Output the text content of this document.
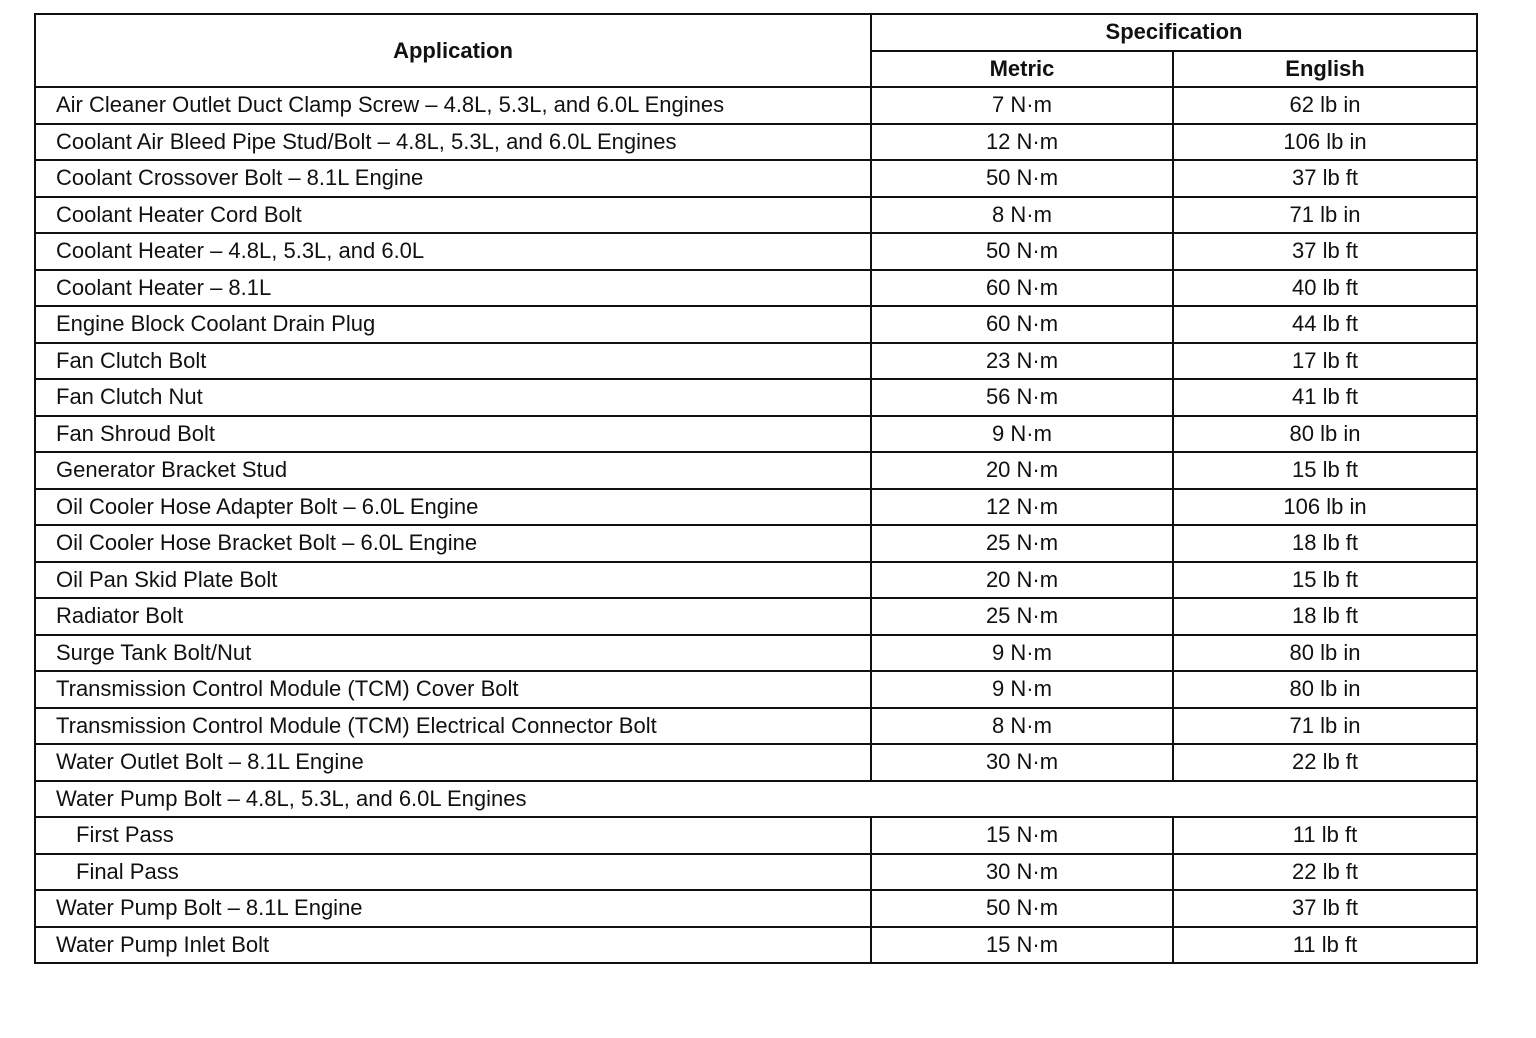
Application	Specification	
	Metric	English
Air Cleaner Outlet Duct Clamp Screw – 4.8L, 5.3L, and 6.0L Engines	7 N·m	62 lb in
Coolant Air Bleed Pipe Stud/Bolt – 4.8L, 5.3L, and 6.0L Engines	12 N·m	106 lb in
Coolant Crossover Bolt – 8.1L Engine	50 N·m	37 lb ft
Coolant Heater Cord Bolt	8 N·m	71 lb in
Coolant Heater – 4.8L, 5.3L, and 6.0L	50 N·m	37 lb ft
Coolant Heater – 8.1L	60 N·m	40 lb ft
Engine Block Coolant Drain Plug	60 N·m	44 lb ft
Fan Clutch Bolt	23 N·m	17 lb ft
Fan Clutch Nut	56 N·m	41 lb ft
Fan Shroud Bolt	9 N·m	80 lb in
Generator Bracket Stud	20 N·m	15 lb ft
Oil Cooler Hose Adapter Bolt – 6.0L Engine	12 N·m	106 lb in
Oil Cooler Hose Bracket Bolt – 6.0L Engine	25 N·m	18 lb ft
Oil Pan Skid Plate Bolt	20 N·m	15 lb ft
Radiator Bolt	25 N·m	18 lb ft
Surge Tank Bolt/Nut	9 N·m	80 lb in
Transmission Control Module (TCM) Cover Bolt	9 N·m	80 lb in
Transmission Control Module (TCM) Electrical Connector Bolt	8 N·m	71 lb in
Water Outlet Bolt – 8.1L Engine	30 N·m	22 lb ft
Water Pump Bolt – 4.8L, 5.3L, and 6.0L Engines		
First Pass	15 N·m	11 lb ft
Final Pass	30 N·m	22 lb ft
Water Pump Bolt – 8.1L Engine	50 N·m	37 lb ft
Water Pump Inlet Bolt	15 N·m	11 lb ft
